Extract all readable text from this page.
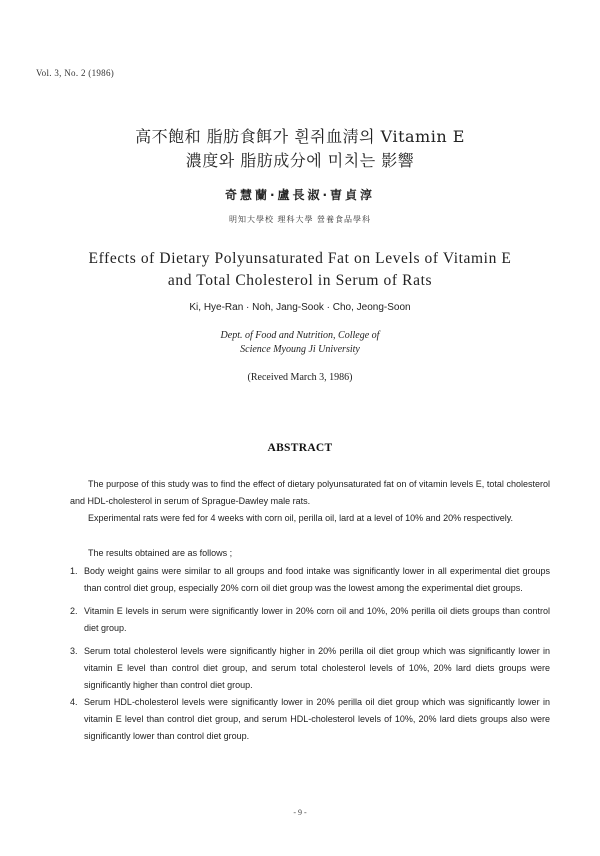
Vol. 3, No. 2 (1986)
高不飽和 脂肪食餌가 흰쥐血淸의 Vitamin E
濃度와 脂肪成分에 미치는 影響
奇慧蘭·盧長淑·曺貞淳
明知大學校 理科大學 營養食品學科
Effects of Dietary Polyunsaturated Fat on Levels of Vitamin E
and Total Cholesterol in Serum of Rats
Ki, Hye-Ran · Noh, Jang-Sook · Cho, Jeong-Soon
Dept. of Food and Nutrition, College of
Science Myoung Ji University
(Received March 3, 1986)
ABSTRACT
The purpose of this study was to find the effect of dietary polyunsaturated fat on of vitamin levels E, total cholesterol and HDL-cholesterol in serum of Sprague-Dawley male rats.
Experimental rats were fed for 4 weeks with corn oil, perilla oil, lard at a level of 10% and 20% respectively.
The results obtained are as follows ;
1. Body weight gains were similar to all groups and food intake was significantly lower in all experimental diet groups than control diet group, especially 20% corn oil diet group was the lowest among the experimental diet groups.
2. Vitamin E levels in serum were significantly lower in 20% corn oil and 10%, 20% perilla oil diets groups than control diet group.
3. Serum total cholesterol levels were significantly higher in 20% perilla oil diet group which was significantly lower in vitamin E level than control diet group, and serum total cholesterol levels of 10%, 20% lard diets groups were significantly higher than control diet group.
4. Serum HDL-cholesterol levels were significantly lower in 20% perilla oil diet group which was significantly lower in vitamin E level than control diet group, and serum HDL-cholesterol levels of 10%, 20% lard diets groups also were significantly lower than control diet group.
- 9 -
